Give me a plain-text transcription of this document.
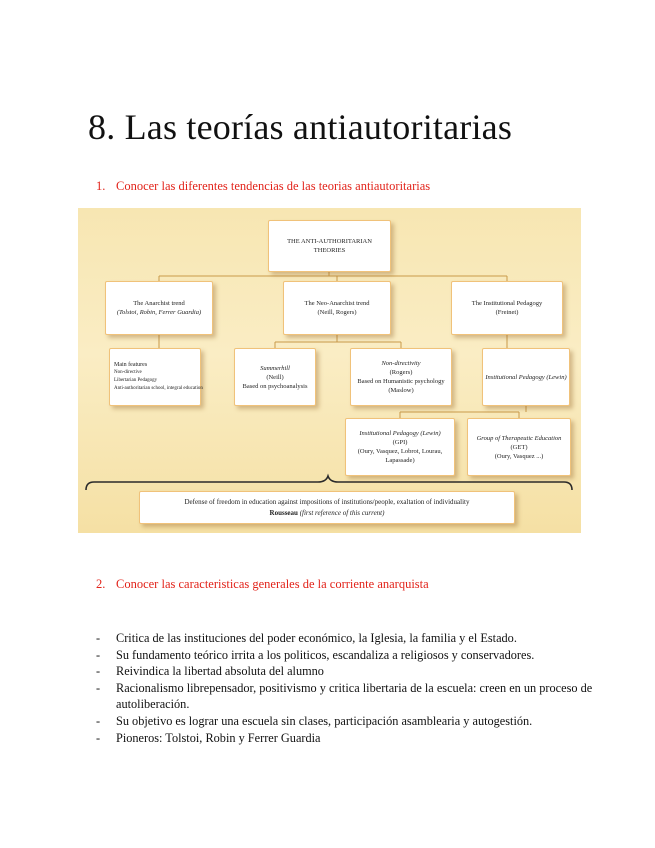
8. Las teorías antiautoritarias

1. Conocer las diferentes tendencias de las teorias antiautoritarias

THE ANTI-AUTHORITARIAN
THEORIES
The Anarchist trend
(Tolstoi, Robin, Ferrer Guardia)
The Neo-Anarchist trend
(Neill, Rogers)
The Institutional Pedagogy
(Freinet)
Main features
Non-directive
Libertarian Pedagogy
Anti-authoritarian school, integral education
Summerhill
(Neill)
Based on psychoanalysis
Non-directivity
(Rogers)
Based on Humanistic psychology
(Maslow)
Institutional Pedagogy (Lewin)
Institutional Pedagogy (Lewin)
(GPI)
(Oury, Vasquez, Lobrot, Lourau,
Lapassade)
Group of Therapeutic Education
(GET)
(Oury, Vasquez ...)
Defense of freedom in education against impositions of institutions/people, exaltation of individuality
Rousseau (first reference of this current)

2. Conocer las caracteristicas generales de la corriente anarquista

- Critica de las instituciones del poder económico, la Iglesia, la familia y el Estado.
- Su fundamento teórico irrita a los politicos, escandaliza a religiosos y conservadores.
- Reivindica la libertad absoluta del alumno
- Racionalismo librepensador, positivismo y critica libertaria de la escuela: creen en un proceso de autoliberación.
- Su objetivo es lograr una escuela sin clases, participación asamblearia y autogestión.
- Pioneros: Tolstoi, Robin y Ferrer Guardia
